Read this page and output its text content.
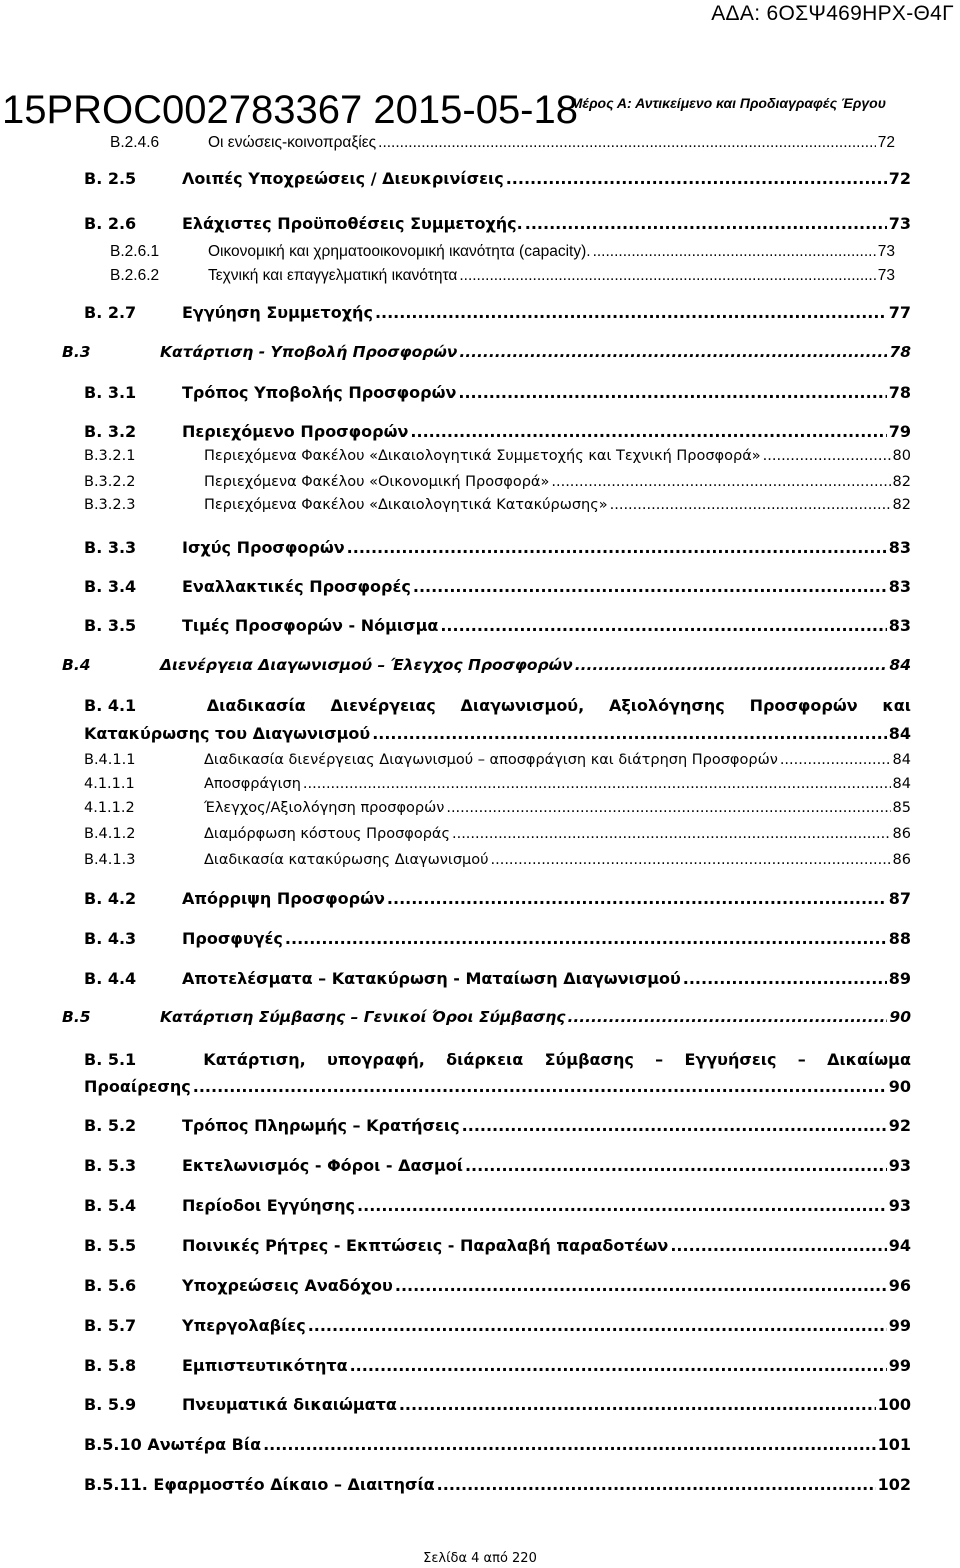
ΑΔΑ: 6ΟΣΨ469ΗΡΧ-Θ4Γ
15PROC002783367 2015-05-18
Μέρος Α: Αντικείμενο και Προδιαγραφές Έργου
Β.2.4.6	Οι ενώσεις-κοινοπραξίες .....	72
Β. 2.5	Λοιπές Υποχρεώσεις / Διευκρινίσεις .....	72
Β. 2.6	Ελάχιστες Προϋποθέσεις Συμμετοχής. .....	73
Β.2.6.1	Οικονομική και χρηματοοικονομική ικανότητα (capacity). .....	73
Β.2.6.2	Τεχνική και επαγγελματική ικανότητα .....	73
Β. 2.7	Εγγύηση Συμμετοχής .....	77
Β.3	Κατάρτιση - Υποβολή Προσφορών .....	78
Β. 3.1	Τρόπος Υποβολής Προσφορών .....	78
Β. 3.2	Περιεχόμενο Προσφορών .....	79
Β.3.2.1	Περιεχόμενα Φακέλου «Δικαιολογητικά Συμμετοχής και Τεχνική Προσφορά» .....	80
Β.3.2.2	Περιεχόμενα Φακέλου «Οικονομική Προσφορά» .....	82
Β.3.2.3	Περιεχόμενα Φακέλου «Δικαιολογητικά Κατακύρωσης» .....	82
Β. 3.3	Ισχύς Προσφορών .....	83
Β. 3.4	Εναλλακτικές Προσφορές .....	83
Β. 3.5	Τιμές Προσφορών - Νόμισμα .....	83
Β.4	Διενέργεια Διαγωνισμού – Έλεγχος Προσφορών .....	84
Β. 4.1	Διαδικασία Διενέργειας Διαγωνισμού, Αξιολόγησης Προσφορών και
Κατακύρωσης του Διαγωνισμού .....	84
Β.4.1.1	Διαδικασία διενέργειας Διαγωνισμού – αποσφράγιση και διάτρηση Προσφορών .....	84
4.1.1.1	Αποσφράγιση .....	84
4.1.1.2	Έλεγχος/Αξιολόγηση προσφορών .....	85
Β.4.1.2	Διαμόρφωση κόστους Προσφοράς .....	86
Β.4.1.3	Διαδικασία κατακύρωσης Διαγωνισμού .....	86
Β. 4.2	Απόρριψη Προσφορών .....	87
Β. 4.3	Προσφυγές .....	88
Β. 4.4	Αποτελέσματα – Κατακύρωση - Ματαίωση Διαγωνισμού .....	89
Β.5	Κατάρτιση Σύμβασης – Γενικοί Όροι Σύμβασης .....	90
Β. 5.1	Κατάρτιση, υπογραφή, διάρκεια Σύμβασης – Εγγυήσεις – Δικαίωμα
Προαίρεσης .....	90
Β. 5.2	Τρόπος Πληρωμής – Κρατήσεις .....	92
Β. 5.3	Εκτελωνισμός - Φόροι - Δασμοί .....	93
Β. 5.4	Περίοδοι Εγγύησης .....	93
Β. 5.5	Ποινικές Ρήτρες - Εκπτώσεις - Παραλαβή παραδοτέων .....	94
Β. 5.6	Υποχρεώσεις Αναδόχου .....	96
Β. 5.7	Υπεργολαβίες .....	99
Β. 5.8	Εμπιστευτικότητα .....	99
Β. 5.9	Πνευματικά δικαιώματα .....	100
Β.5.10 Ανωτέρα Βία .....	101
Β.5.11. Εφαρμοστέο Δίκαιο – Διαιτησία .....	102
Σελίδα 4 από 220
